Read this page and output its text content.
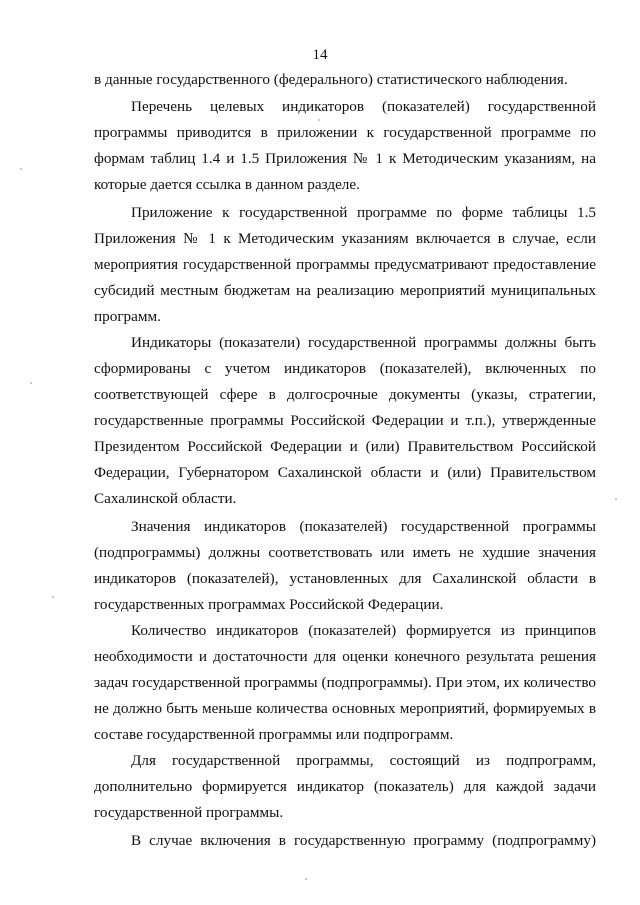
14
в данные государственного (федерального) статистического наблюдения.
Перечень целевых индикаторов (показателей) государственной
программы приводится в приложении к государственной программе по
формам таблиц 1.4 и 1.5 Приложения № 1 к Методическим указаниям, на
которые дается ссылка в данном разделе.
Приложение к государственной программе по форме таблицы 1.5
Приложения № 1 к Методическим указаниям включается в случае, если
мероприятия государственной программы предусматривают предоставление
субсидий местным бюджетам на реализацию мероприятий муниципальных
программ.
Индикаторы (показатели) государственной программы должны быть
сформированы с учетом индикаторов (показателей), включенных по
соответствующей сфере в долгосрочные документы (указы, стратегии,
государственные программы Российской Федерации и т.п.), утвержденные
Президентом Российской Федерации и (или) Правительством Российской
Федерации, Губернатором Сахалинской области и (или) Правительством
Сахалинской области.
Значения индикаторов (показателей) государственной программы
(подпрограммы) должны соответствовать или иметь не худшие значения
индикаторов (показателей), установленных для Сахалинской области в
государственных программах Российской Федерации.
Количество индикаторов (показателей) формируется из принципов
необходимости и достаточности для оценки конечного результата решения
задач государственной программы (подпрограммы). При этом, их количество
не должно быть меньше количества основных мероприятий, формируемых в
составе государственной программы или подпрограмм.
Для государственной программы, состоящий из подпрограмм,
дополнительно формируется индикатор (показатель) для каждой задачи
государственной программы.
В случае включения в государственную программу (подпрограмму)
